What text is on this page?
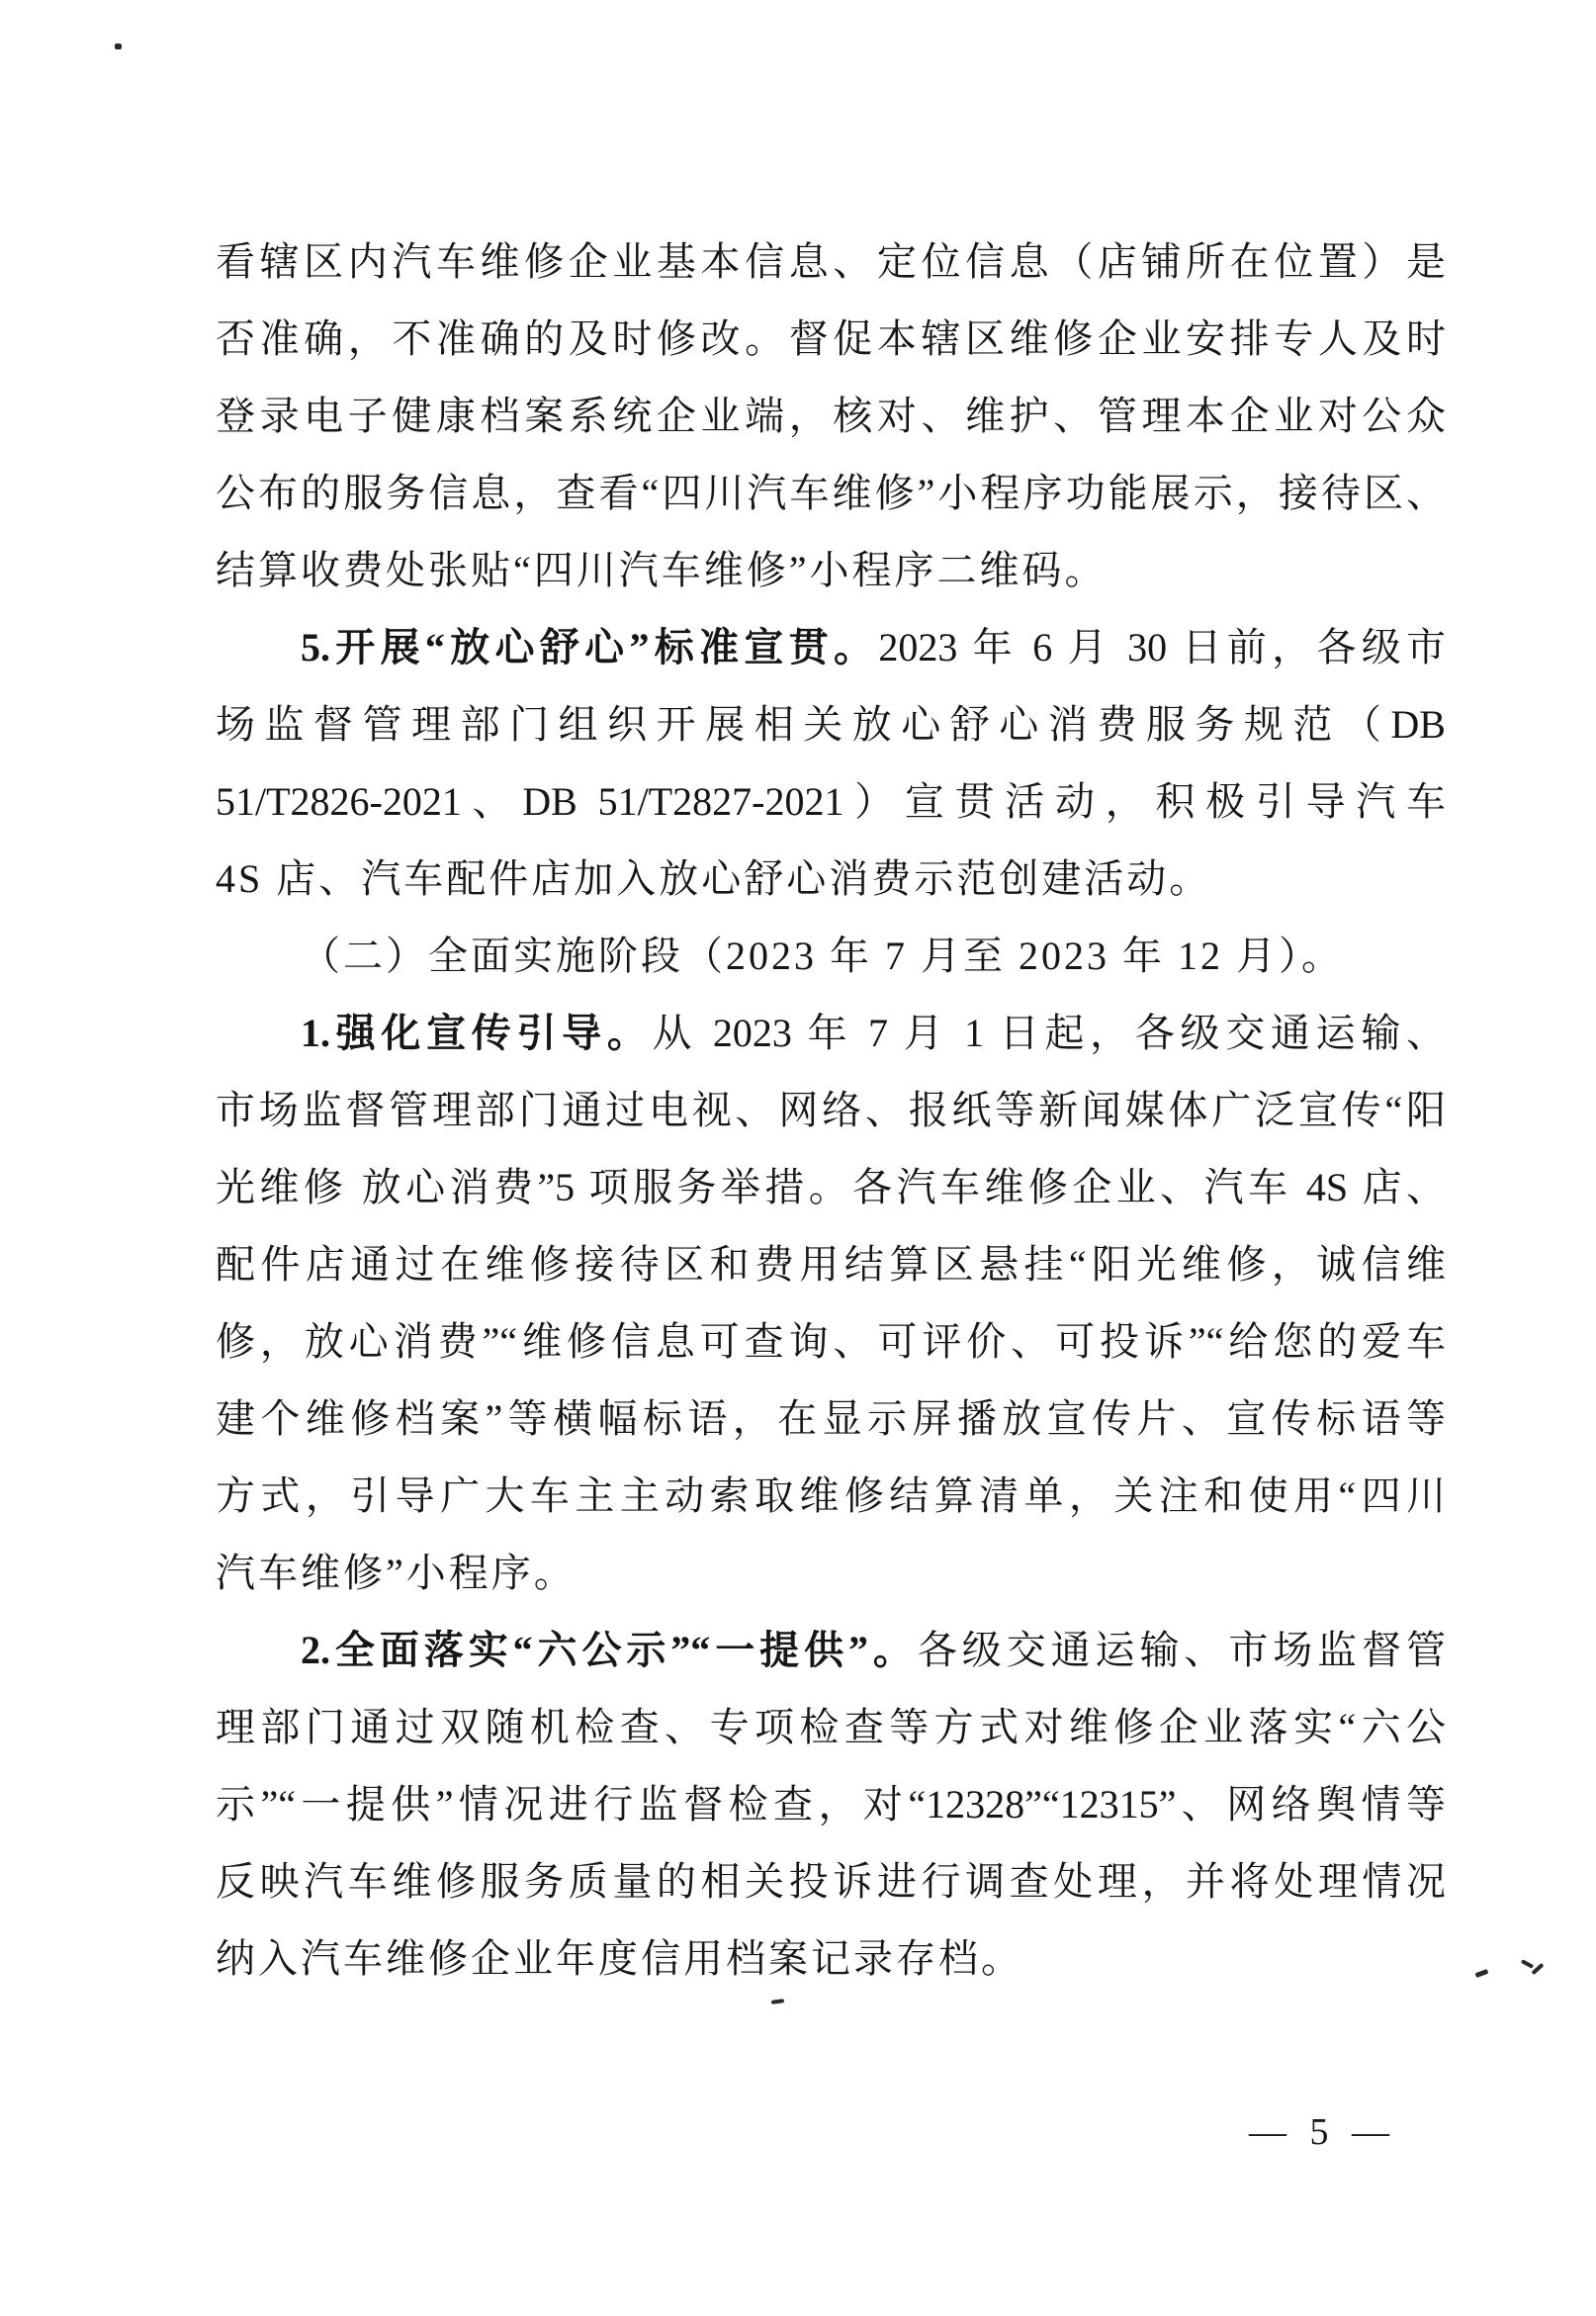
看辖区内汽车维修企业基本信息、定位信息（店铺所在位置）是
否准确，不准确的及时修改。督促本辖区维修企业安排专人及时
登录电子健康档案系统企业端，核对、维护、管理本企业对公众
公布的服务信息，查看“四川汽车维修”小程序功能展示，接待区、
结算收费处张贴“四川汽车维修”小程序二维码。
5.开展“放心舒心”标准宣贯。2023 年 6 月 30 日前，各级市
场监督管理部门组织开展相关放心舒心消费服务规范（DB
51/T2826-2021、DB 51/T2827-2021）宣贯活动，积极引导汽车
4S 店、汽车配件店加入放心舒心消费示范创建活动。
（二）全面实施阶段（2023 年 7 月至 2023 年 12 月）。
1.强化宣传引导。从 2023 年 7 月 1 日起，各级交通运输、
市场监督管理部门通过电视、网络、报纸等新闻媒体广泛宣传“阳
光维修 放心消费”5 项服务举措。各汽车维修企业、汽车 4S 店、
配件店通过在维修接待区和费用结算区悬挂“阳光维修，诚信维
修，放心消费”“维修信息可查询、可评价、可投诉”“给您的爱车
建个维修档案”等横幅标语，在显示屏播放宣传片、宣传标语等
方式，引导广大车主主动索取维修结算清单，关注和使用“四川
汽车维修”小程序。
2.全面落实“六公示”“一提供”。各级交通运输、市场监督管
理部门通过双随机检查、专项检查等方式对维修企业落实“六公
示”“一提供”情况进行监督检查，对“12328”“12315”、网络舆情等
反映汽车维修服务质量的相关投诉进行调查处理，并将处理情况
纳入汽车维修企业年度信用档案记录存档。
— 5 —
